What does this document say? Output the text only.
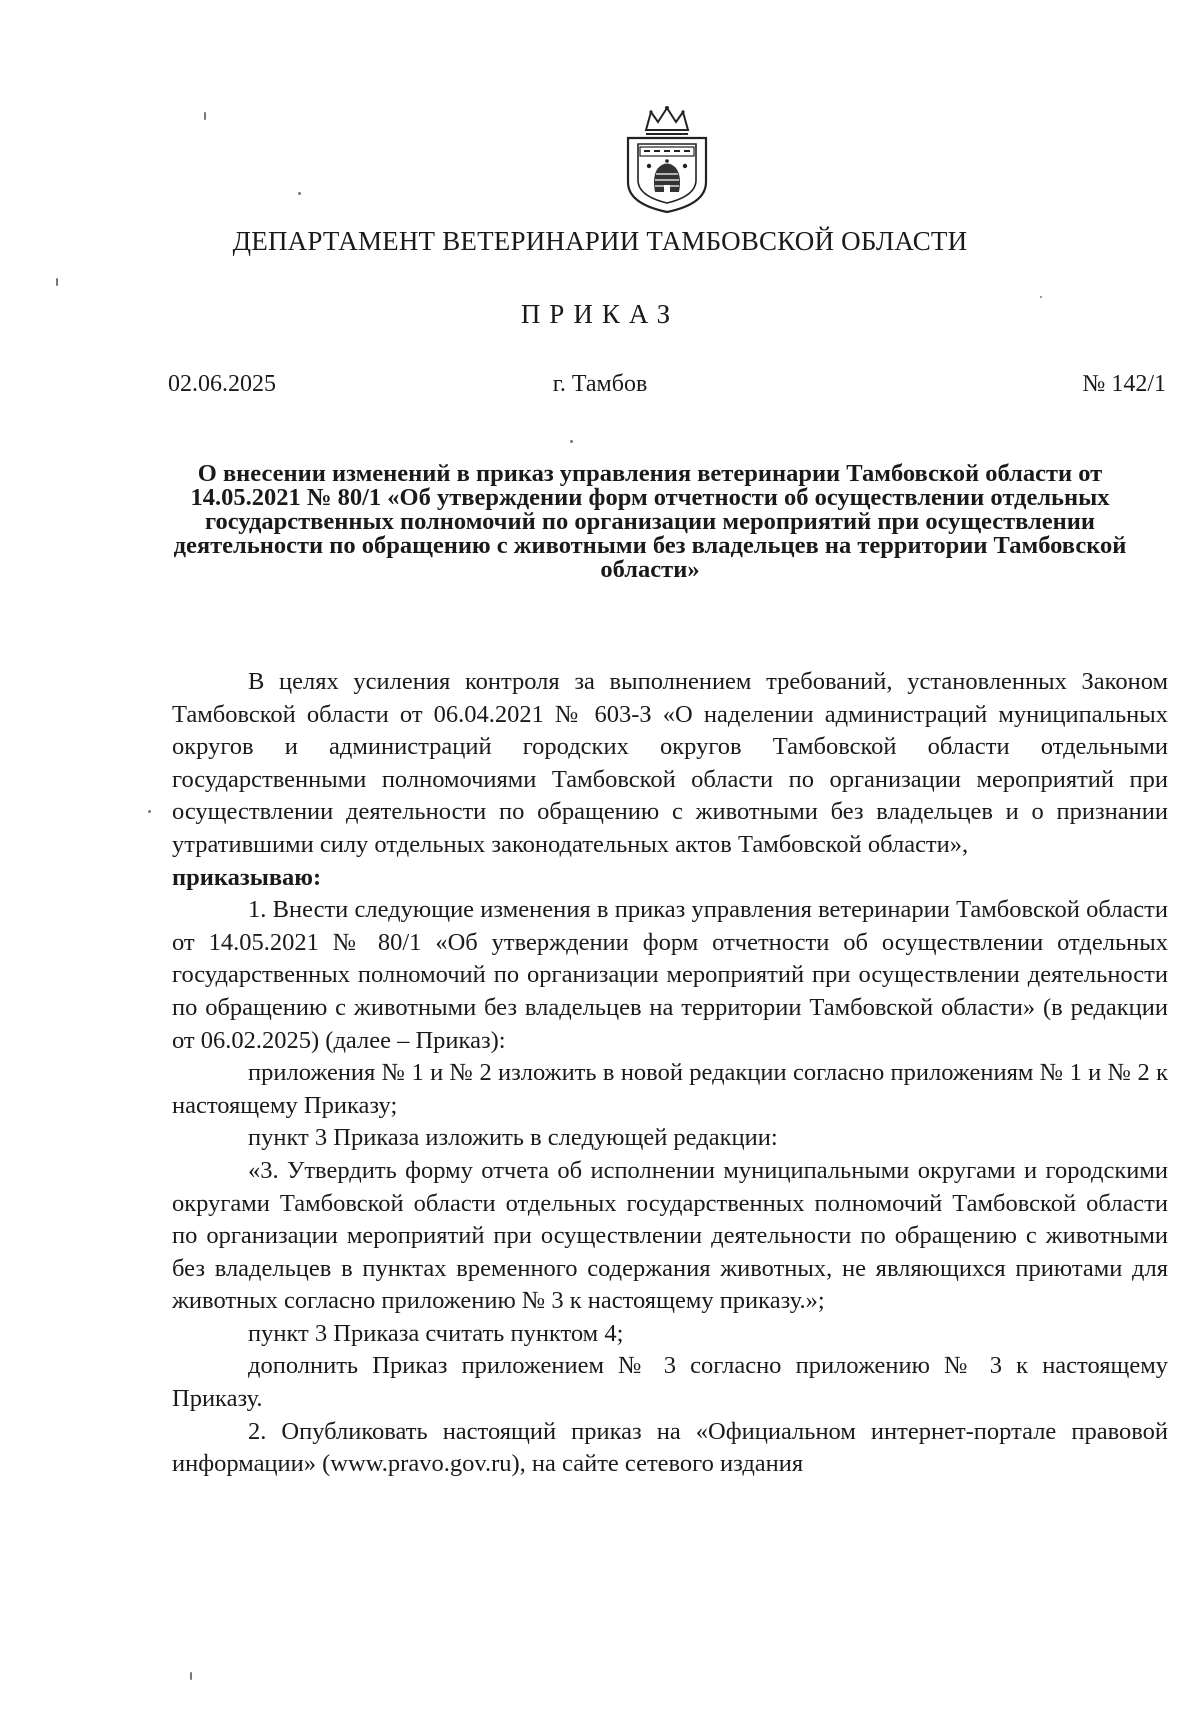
ДЕПАРТАМЕНТ ВЕТЕРИНАРИИ ТАМБОВСКОЙ ОБЛАСТИ
ПРИКАЗ
02.06.2025	г. Тамбов	№ 142/1
О внесении изменений в приказ управления ветеринарии Тамбовской области от 14.05.2021 № 80/1 «Об утверждении форм отчетности об осуществлении отдельных государственных полномочий по организации мероприятий при осуществлении деятельности по обращению с животными без владельцев на территории Тамбовской области»

В целях усиления контроля за выполнением требований, установленных Законом Тамбовской области от 06.04.2021 № 603-З «О наделении администраций муниципальных округов и администраций городских округов Тамбовской области отдельными государственными полномочиями Тамбовской области по организации мероприятий при осуществлении деятельности по обращению с животными без владельцев и о признании утратившими силу отдельных законодательных актов Тамбовской области»,

приказываю:

1. Внести следующие изменения в приказ управления ветеринарии Тамбовской области от 14.05.2021 № 80/1 «Об утверждении форм отчетности об осуществлении отдельных государственных полномочий по организации мероприятий при осуществлении деятельности по обращению с животными без владельцев на территории Тамбовской области» (в редакции от 06.02.2025) (далее – Приказ):

приложения № 1 и № 2 изложить в новой редакции согласно приложениям № 1 и № 2 к настоящему Приказу;

пункт 3 Приказа изложить в следующей редакции:

«3. Утвердить форму отчета об исполнении муниципальными округами и городскими округами Тамбовской области отдельных государственных полномочий Тамбовской области по организации мероприятий при осуществлении деятельности по обращению с животными без владельцев в пунктах временного содержания животных, не являющихся приютами для животных согласно приложению № 3 к настоящему приказу.»;

пункт 3 Приказа считать пунктом 4;

дополнить Приказ приложением № 3 согласно приложению № 3 к настоящему Приказу.

2. Опубликовать настоящий приказ на «Официальном интернет-портале правовой информации» (www.pravo.gov.ru), на сайте сетевого издания
